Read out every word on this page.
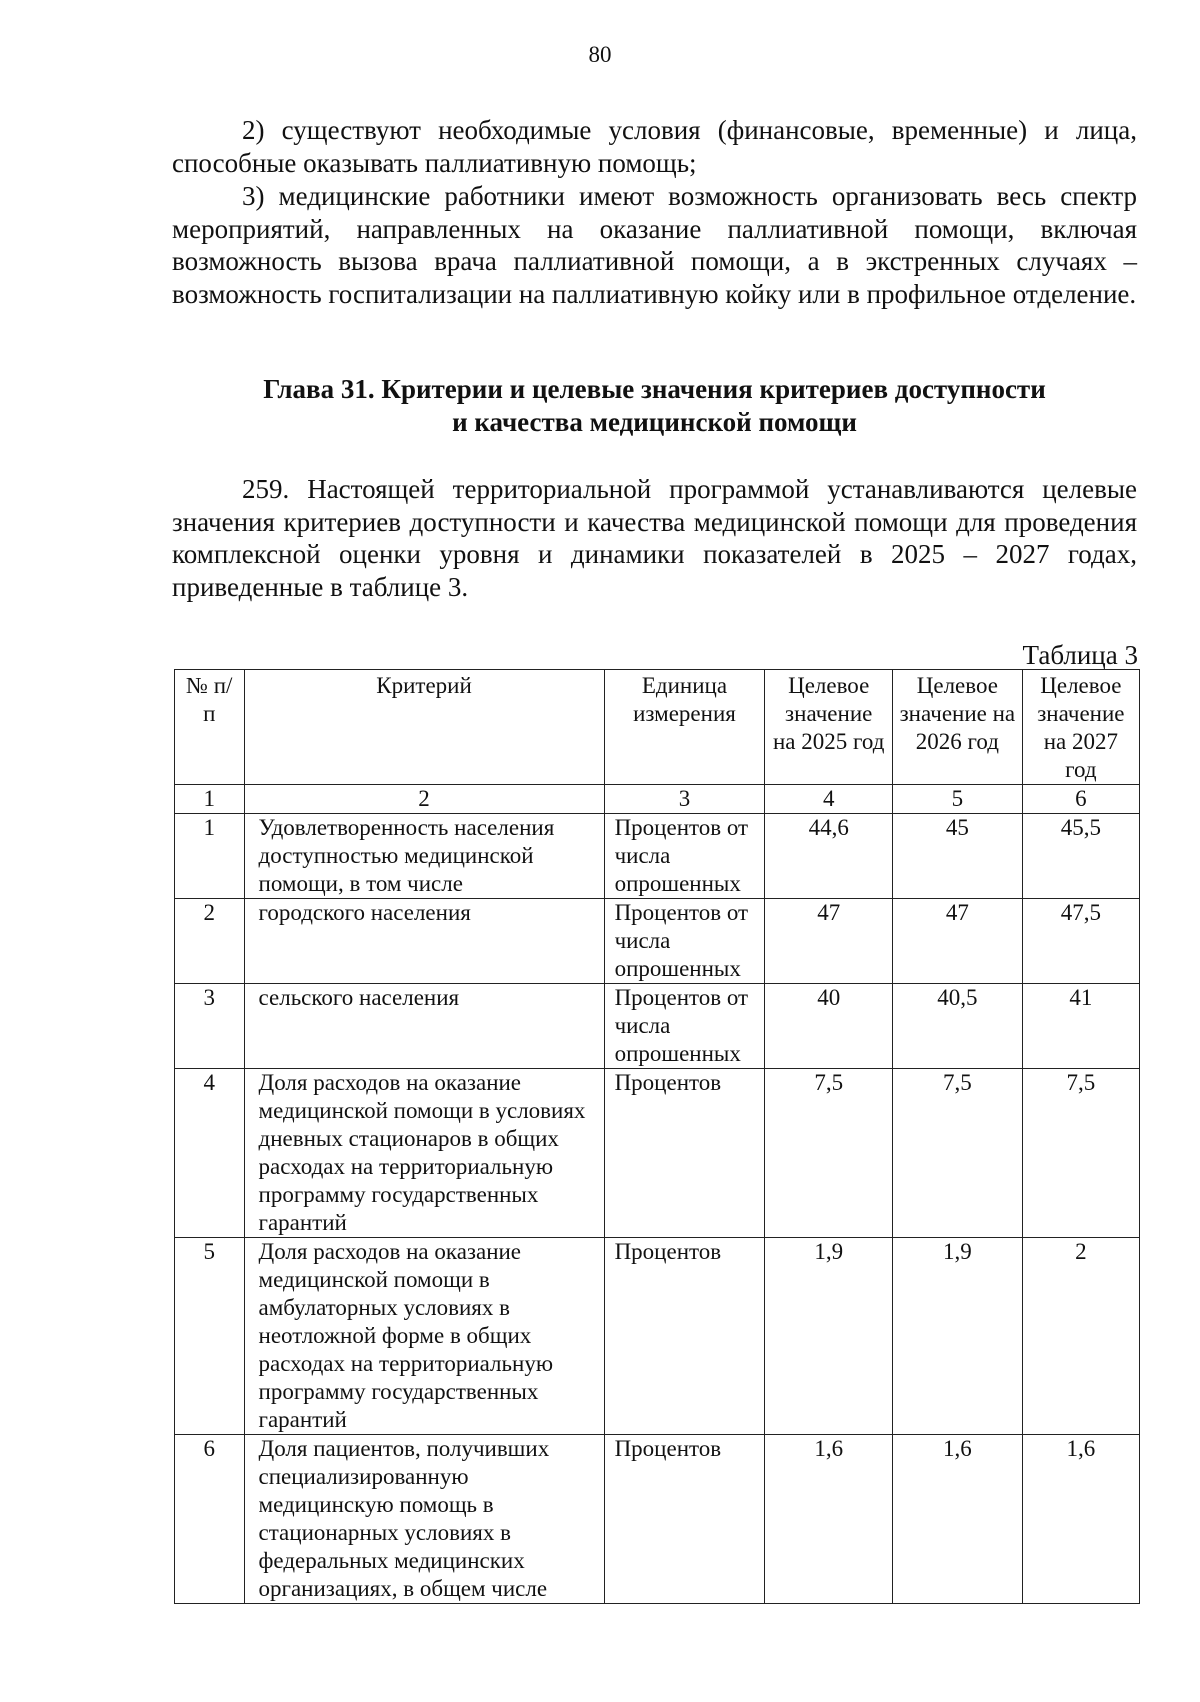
80

2) существуют необходимые условия (финансовые, временные) и лица, способные оказывать паллиативную помощь;

3) медицинские работники имеют возможность организовать весь спектр мероприятий, направленных на оказание паллиативной помощи, включая возможность вызова врача паллиативной помощи, а в экстренных случаях – возможность госпитализации на паллиативную койку или в профильное отделение.

Глава 31. Критерии и целевые значения критериев доступности
и качества медицинской помощи

259. Настоящей территориальной программой устанавливаются целевые значения критериев доступности и качества медицинской помощи для проведения комплексной оценки уровня и динамики показателей в 2025 – 2027 годах, приведенные в таблице 3.

Таблица 3
№ п/п	Критерий	Единица измерения	Целевое значение на 2025 год	Целевое значение на 2026 год	Целевое значение на 2027 год
1	2	3	4	5	6
1	Удовлетворенность населения доступностью медицинской помощи, в том числе	Процентов от числа опрошенных	44,6	45	45,5
2	городского населения	Процентов от числа опрошенных	47	47	47,5
3	сельского населения	Процентов от числа опрошенных	40	40,5	41
4	Доля расходов на оказание медицинской помощи в условиях дневных стационаров в общих расходах на территориальную программу государственных гарантий	Процентов	7,5	7,5	7,5
5	Доля расходов на оказание медицинской помощи в амбулаторных условиях в неотложной форме в общих расходах на территориальную программу государственных гарантий	Процентов	1,9	1,9	2
6	Доля пациентов, получивших специализированную медицинскую помощь в стационарных условиях в федеральных медицинских организациях, в общем числе	Процентов	1,6	1,6	1,6
